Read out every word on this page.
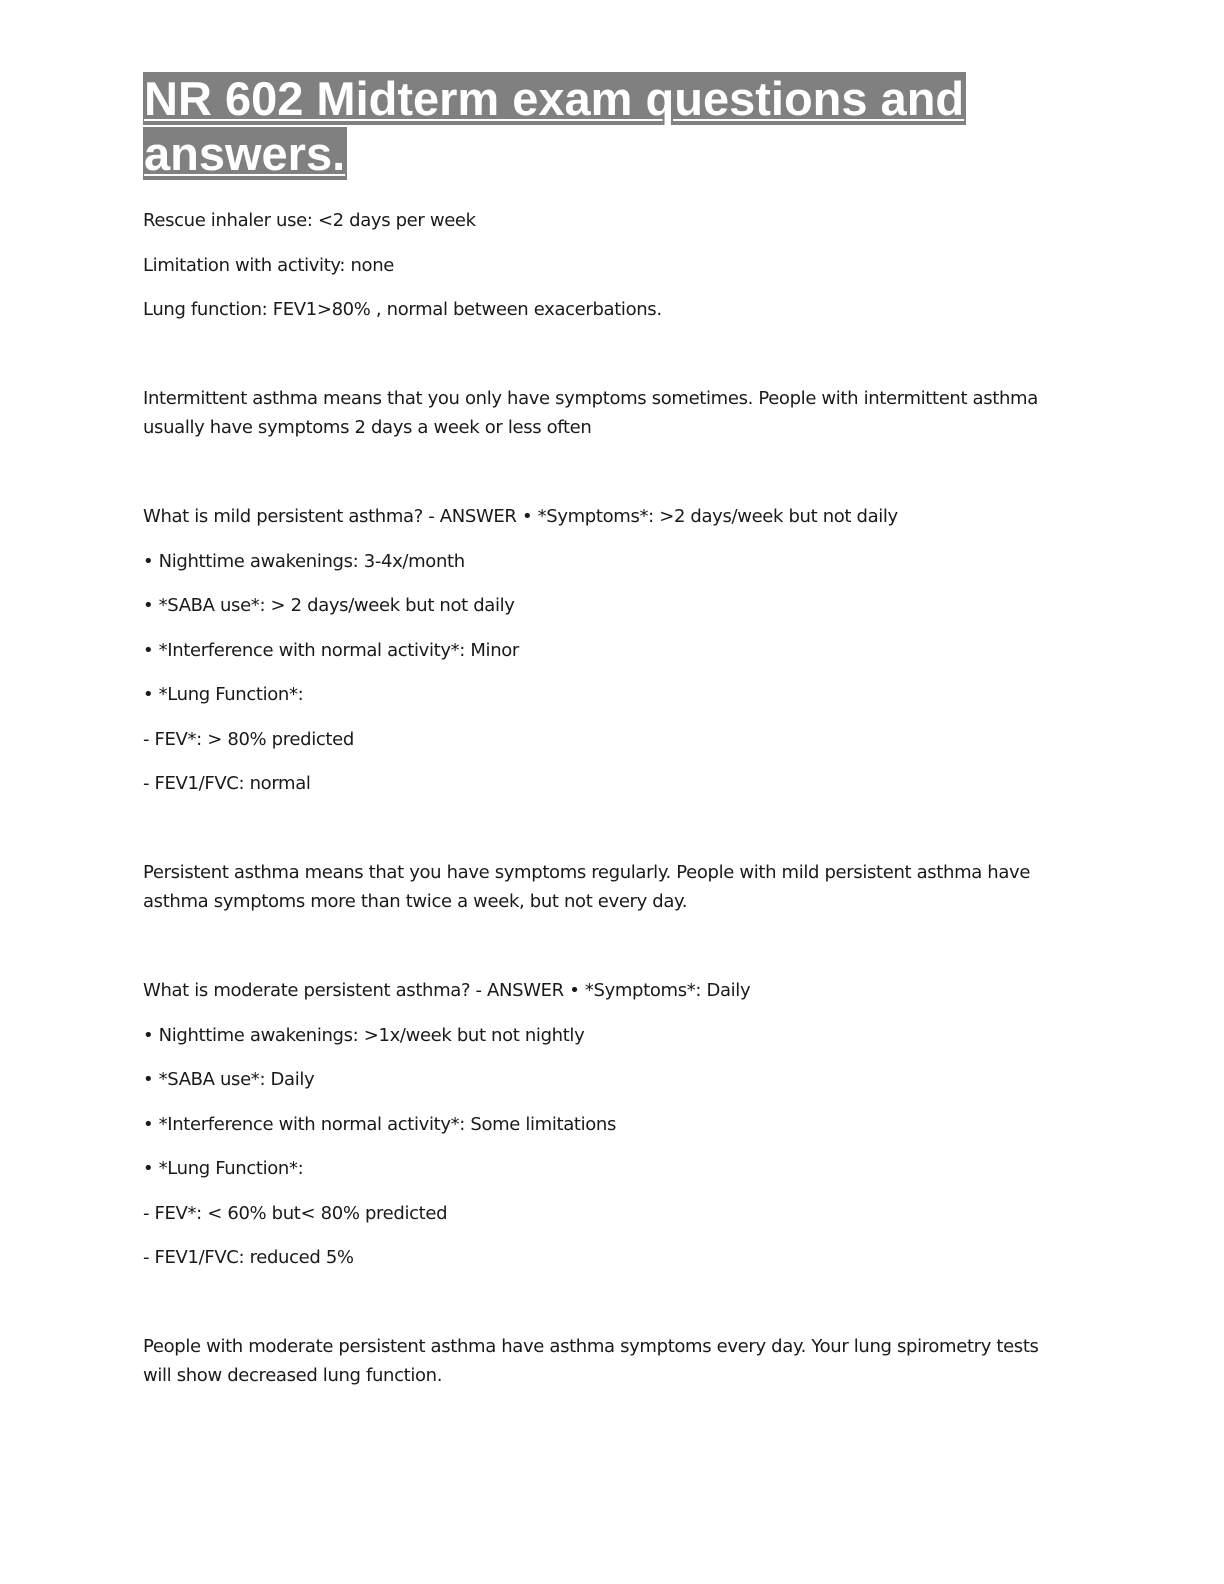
NR 602 Midterm exam questions and
answers.
Rescue inhaler use: <2 days per week
Limitation with activity: none
Lung function: FEV1>80% , normal between exacerbations.
Intermittent asthma means that you only have symptoms sometimes. People with intermittent asthma
usually have symptoms 2 days a week or less often
What is mild persistent asthma? - ANSWER • *Symptoms*: >2 days/week but not daily
• Nighttime awakenings: 3-4x/month
• *SABA use*: > 2 days/week but not daily
• *Interference with normal activity*: Minor
• *Lung Function*:
- FEV*: > 80% predicted
- FEV1/FVC: normal
Persistent asthma means that you have symptoms regularly. People with mild persistent asthma have
asthma symptoms more than twice a week, but not every day.
What is moderate persistent asthma? - ANSWER • *Symptoms*: Daily
• Nighttime awakenings: >1x/week but not nightly
• *SABA use*: Daily
• *Interference with normal activity*: Some limitations
• *Lung Function*:
- FEV*: < 60% but< 80% predicted
- FEV1/FVC: reduced 5%
People with moderate persistent asthma have asthma symptoms every day. Your lung spirometry tests
will show decreased lung function.
